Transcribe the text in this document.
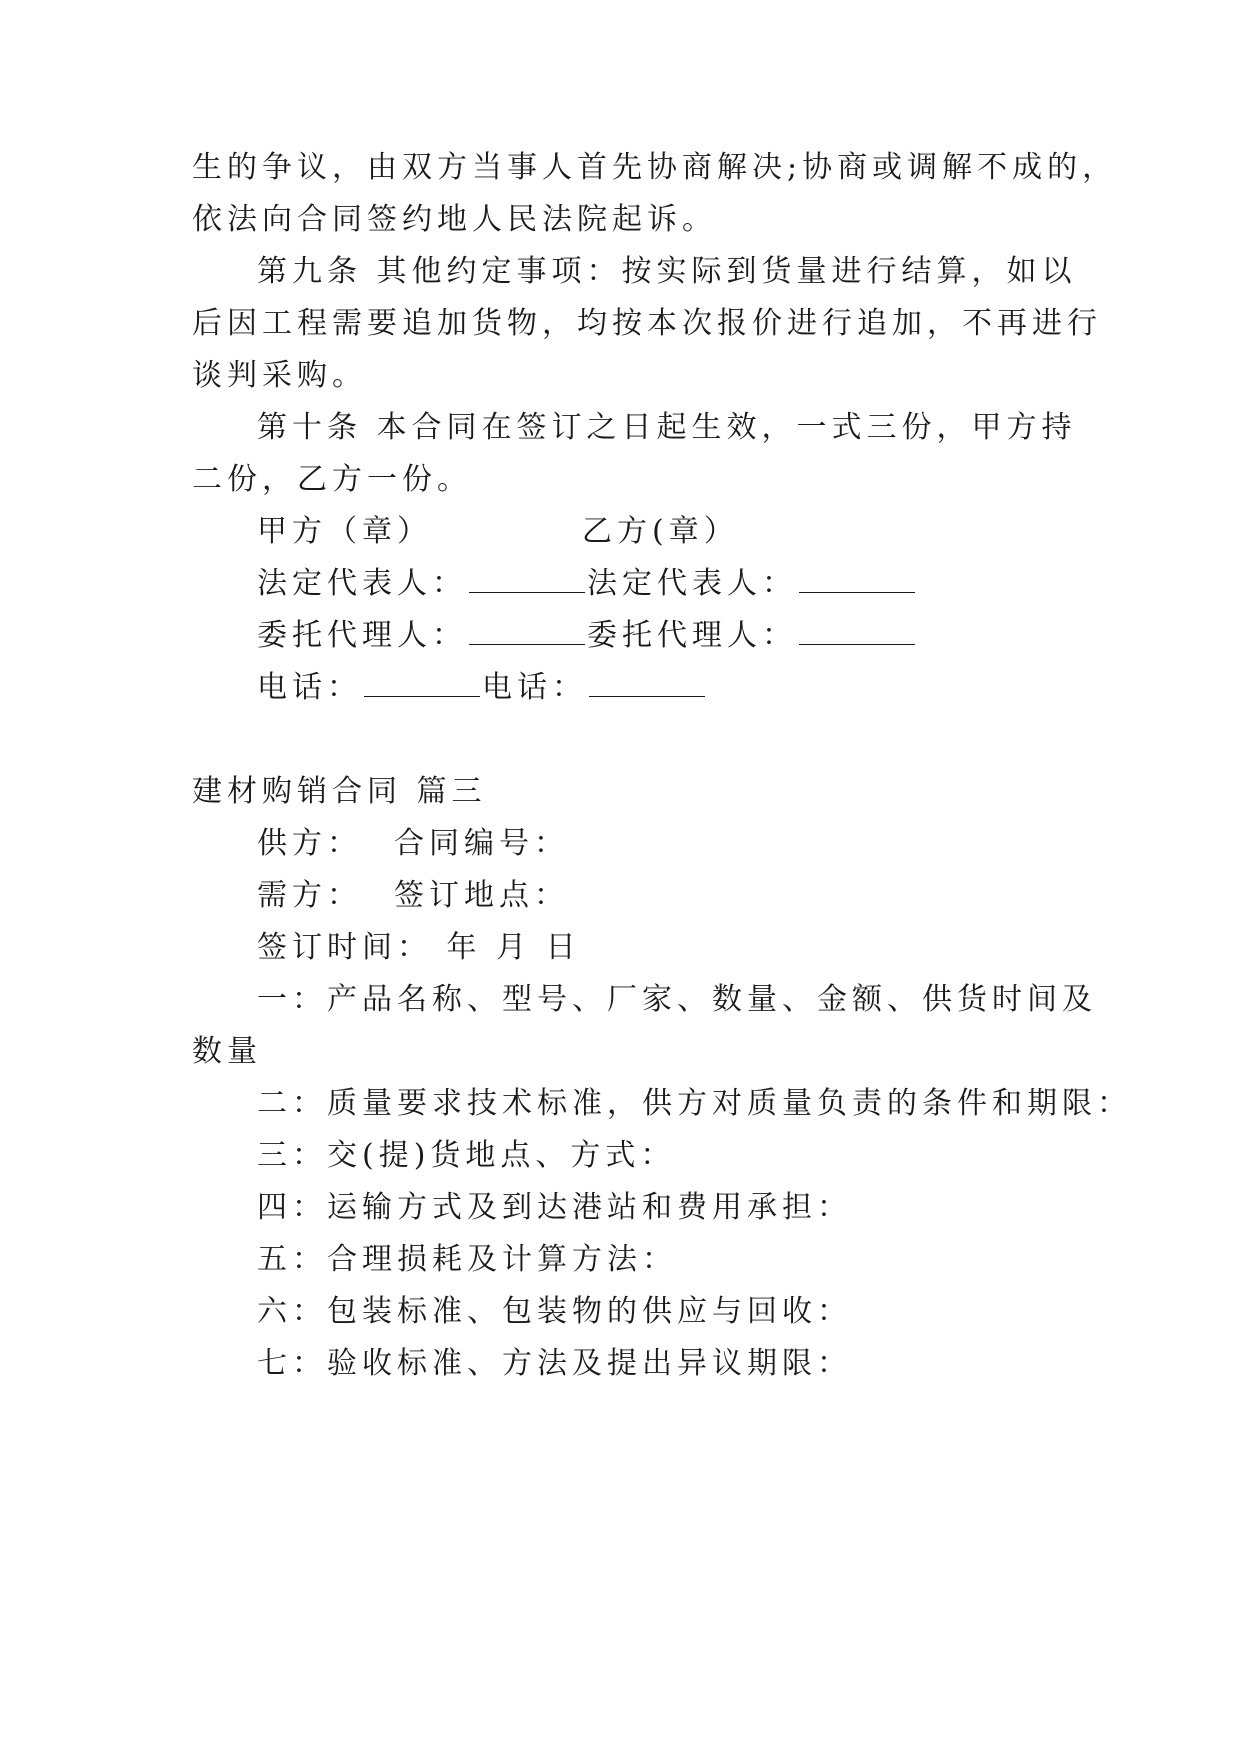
生的争议，由双方当事人首先协商解决;协商或调解不成的，
依法向合同签约地人民法院起诉。
第九条 其他约定事项：按实际到货量进行结算，如以
后因工程需要追加货物，均按本次报价进行追加，不再进行
谈判采购。
第十条 本合同在签订之日起生效，一式三份，甲方持
二份，乙方一份。
甲方（章）	乙方(章）
法定代表人：	法定代表人：
委托代理人：	委托代理人：
电话：	电话：
建材购销合同 篇三
供方： 合同编号：
需方： 签订地点：
签订时间： 年 月 日
一：产品名称、型号、厂家、数量、金额、供货时间及
数量
二：质量要求技术标准，供方对质量负责的条件和期限：
三：交(提)货地点、方式：
四：运输方式及到达港站和费用承担：
五：合理损耗及计算方法：
六：包装标准、包装物的供应与回收：
七：验收标准、方法及提出异议期限：
